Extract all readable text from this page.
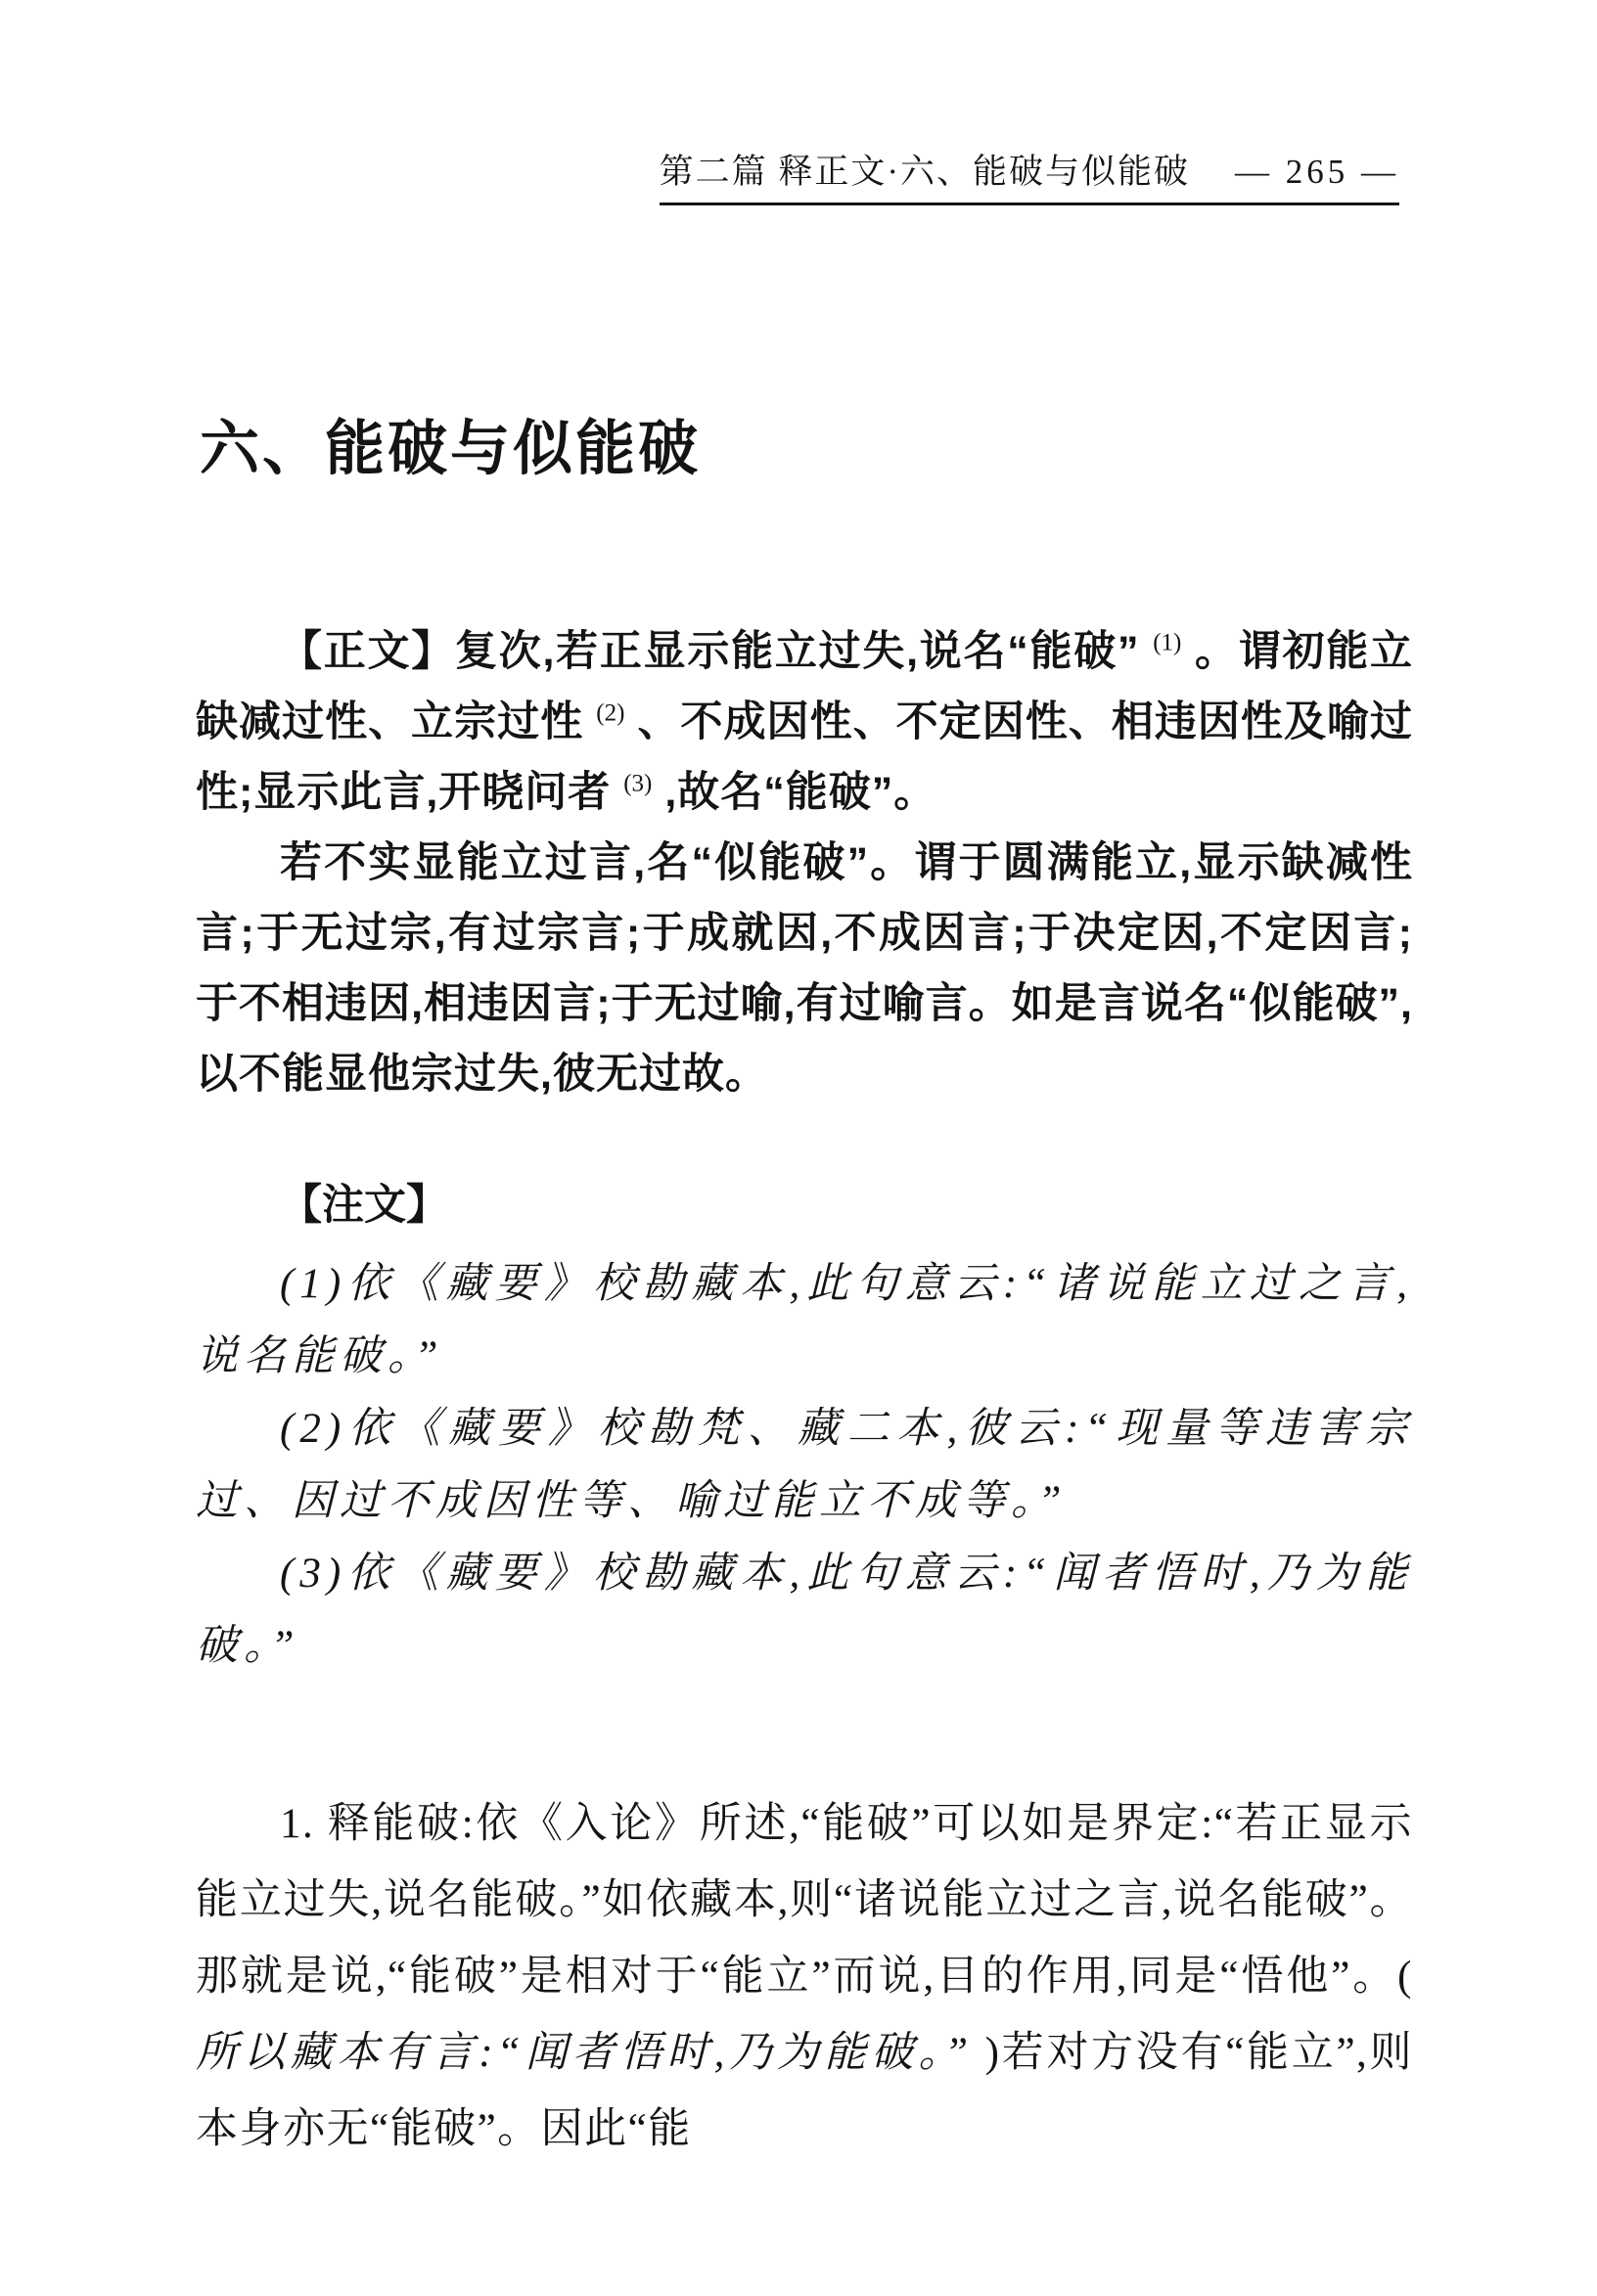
第二篇 释正文·六、能破与似能破 — 265 —
六、能破与似能破

【正文】复次,若正显示能立过失,说名“能破” $^{(1)}$ 。谓初能立缺减过性、立宗过性 $^{(2)}$ 、不成因性、不定因性、相违因性及喻过性;显示此言,开晓问者 $^{(3)}$ ,故名“能破”。

若不实显能立过言,名“似能破”。谓于圆满能立,显示缺减性言;于无过宗,有过宗言;于成就因,不成因言;于决定因,不定因言;于不相违因,相违因言;于无过喻,有过喻言。如是言说名“似能破”,以不能显他宗过失,彼无过故。

【注文】

(1)依《藏要》校勘藏本,此句意云:“诸说能立过之言,说名能破。”

(2)依《藏要》校勘梵、藏二本,彼云:“现量等违害宗过、因过不成因性等、喻过能立不成等。”

(3)依《藏要》校勘藏本,此句意云:“闻者悟时,乃为能破。”

1. 释能破:依《入论》所述,“能破”可以如是界定:“若正显示能立过失,说名能破。”如依藏本,则“诸说能立过之言,说名能破”。那就是说,“能破”是相对于“能立”而说,目的作用,同是“悟他”。( 所以藏本有言:“闻者悟时,乃为能破。” )若对方没有“能立”,则本身亦无“能破”。因此“能
